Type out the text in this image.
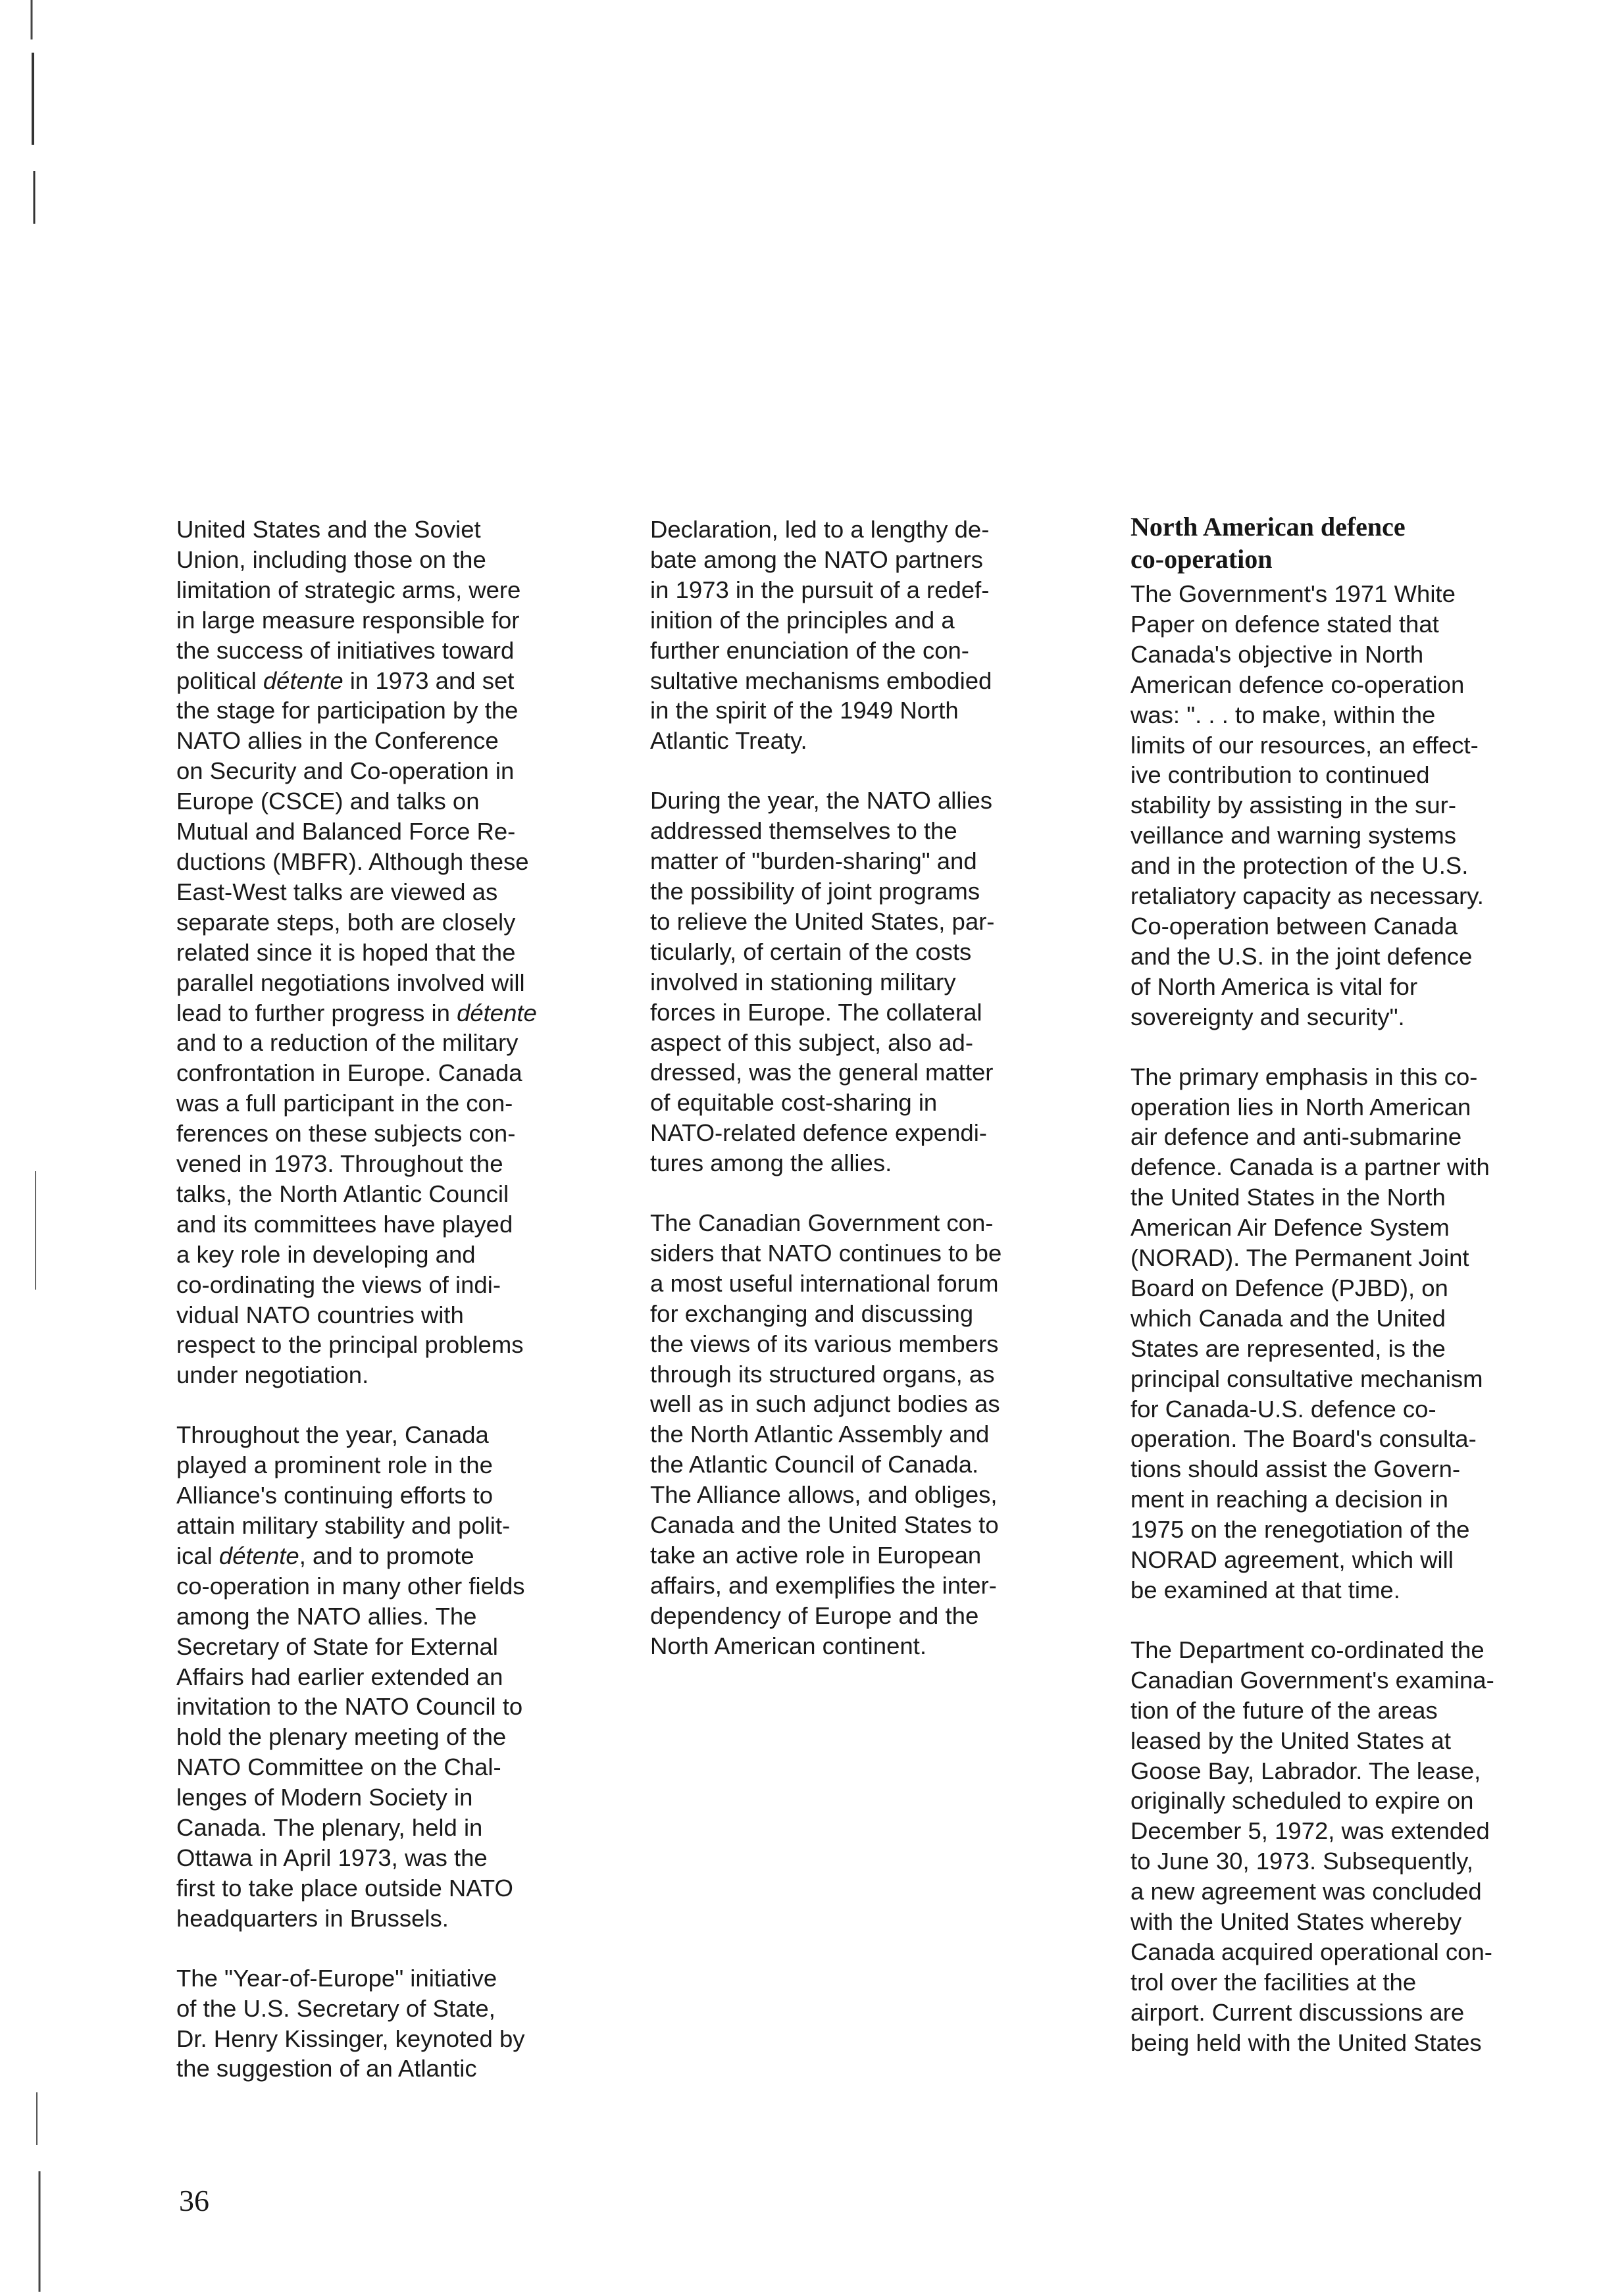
United States and the Soviet
Union, including those on the
limitation of strategic arms, were
in large measure responsible for
the success of initiatives toward
political détente in 1973 and set
the stage for participation by the
NATO allies in the Conference
on Security and Co-operation in
Europe (CSCE) and talks on
Mutual and Balanced Force Re-
ductions (MBFR). Although these
East-West talks are viewed as
separate steps, both are closely
related since it is hoped that the
parallel negotiations involved will
lead to further progress in détente
and to a reduction of the military
confrontation in Europe. Canada
was a full participant in the con-
ferences on these subjects con-
vened in 1973. Throughout the
talks, the North Atlantic Council
and its committees have played
a key role in developing and
co-ordinating the views of indi-
vidual NATO countries with
respect to the principal problems
under negotiation.

Throughout the year, Canada
played a prominent role in the
Alliance's continuing efforts to
attain military stability and polit-
ical détente, and to promote
co-operation in many other fields
among the NATO allies. The
Secretary of State for External
Affairs had earlier extended an
invitation to the NATO Council to
hold the plenary meeting of the
NATO Committee on the Chal-
lenges of Modern Society in
Canada. The plenary, held in
Ottawa in April 1973, was the
first to take place outside NATO
headquarters in Brussels.

The "Year-of-Europe" initiative
of the U.S. Secretary of State,
Dr. Henry Kissinger, keynoted by
the suggestion of an Atlantic

Declaration, led to a lengthy de-
bate among the NATO partners
in 1973 in the pursuit of a redef-
inition of the principles and a
further enunciation of the con-
sultative mechanisms embodied
in the spirit of the 1949 North
Atlantic Treaty.

During the year, the NATO allies
addressed themselves to the
matter of "burden-sharing" and
the possibility of joint programs
to relieve the United States, par-
ticularly, of certain of the costs
involved in stationing military
forces in Europe. The collateral
aspect of this subject, also ad-
dressed, was the general matter
of equitable cost-sharing in
NATO-related defence expendi-
tures among the allies.

The Canadian Government con-
siders that NATO continues to be
a most useful international forum
for exchanging and discussing
the views of its various members
through its structured organs, as
well as in such adjunct bodies as
the North Atlantic Assembly and
the Atlantic Council of Canada.
The Alliance allows, and obliges,
Canada and the United States to
take an active role in European
affairs, and exemplifies the inter-
dependency of Europe and the
North American continent.

North American defence
co-operation

The Government's 1971 White
Paper on defence stated that
Canada's objective in North
American defence co-operation
was: ". . . to make, within the
limits of our resources, an effect-
ive contribution to continued
stability by assisting in the sur-
veillance and warning systems
and in the protection of the U.S.
retaliatory capacity as necessary.
Co-operation between Canada
and the U.S. in the joint defence
of North America is vital for
sovereignty and security".

The primary emphasis in this co-
operation lies in North American
air defence and anti-submarine
defence. Canada is a partner with
the United States in the North
American Air Defence System
(NORAD). The Permanent Joint
Board on Defence (PJBD), on
which Canada and the United
States are represented, is the
principal consultative mechanism
for Canada-U.S. defence co-
operation. The Board's consulta-
tions should assist the Govern-
ment in reaching a decision in
1975 on the renegotiation of the
NORAD agreement, which will
be examined at that time.

The Department co-ordinated the
Canadian Government's examina-
tion of the future of the areas
leased by the United States at
Goose Bay, Labrador. The lease,
originally scheduled to expire on
December 5, 1972, was extended
to June 30, 1973. Subsequently,
a new agreement was concluded
with the United States whereby
Canada acquired operational con-
trol over the facilities at the
airport. Current discussions are
being held with the United States

36
